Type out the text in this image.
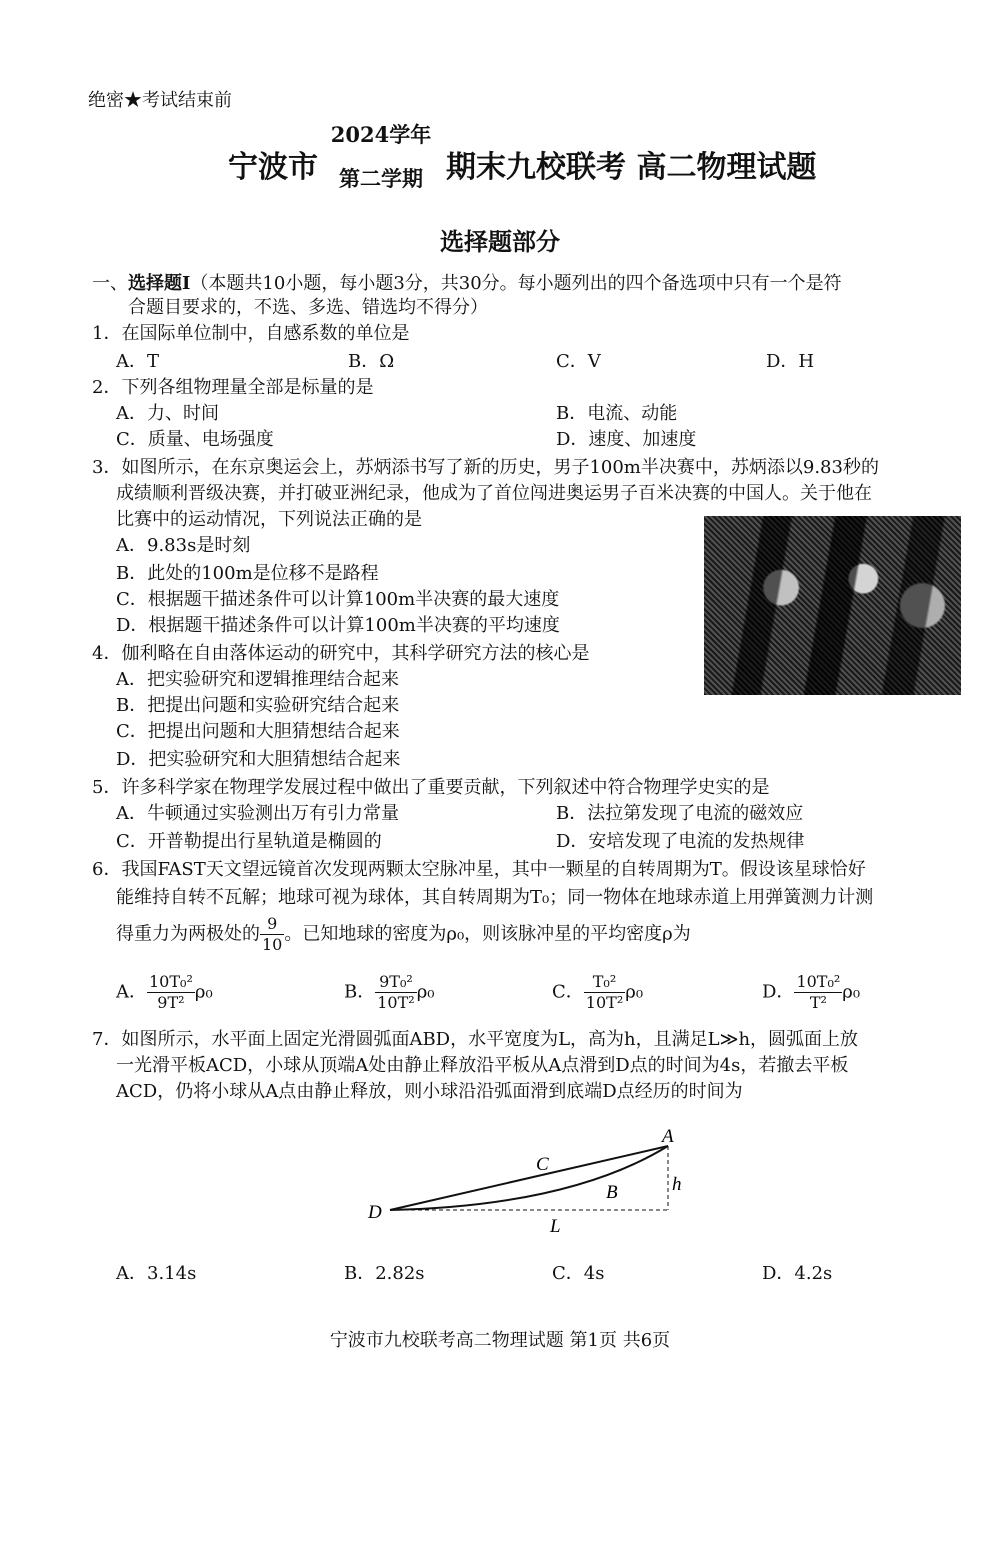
绝密★考试结束前
宁波市
2024学年
第二学期 期末九校联考 高二物理试题
选择题部分
一、选择题Ⅰ（本题共10小题，每小题3分，共30分。每小题列出的四个备选项中只有一个是符
合题目要求的，不选、多选、错选均不得分）
1．在国际单位制中，自感系数的单位是
A．T	B．Ω	C．V	D．H
2．下列各组物理量全部是标量的是
A．力、时间	B．电流、动能
C．质量、电场强度	D．速度、加速度
3．如图所示，在东京奥运会上，苏炳添书写了新的历史，男子100m半决赛中，苏炳添以9.83秒的
成绩顺利晋级决赛，并打破亚洲纪录，他成为了首位闯进奥运男子百米决赛的中国人。关于他在
比赛中的运动情况，下列说法正确的是
A．9.83s是时刻
B．此处的100m是位移不是路程
C．根据题干描述条件可以计算100m半决赛的最大速度
D．根据题干描述条件可以计算100m半决赛的平均速度
4．伽利略在自由落体运动的研究中，其科学研究方法的核心是
A．把实验研究和逻辑推理结合起来
B．把提出问题和实验研究结合起来
C．把提出问题和大胆猜想结合起来
D．把实验研究和大胆猜想结合起来
5．许多科学家在物理学发展过程中做出了重要贡献，下列叙述中符合物理学史实的是
A．牛顿通过实验测出万有引力常量	B．法拉第发现了电流的磁效应
C．开普勒提出行星轨道是椭圆的	D．安培发现了电流的发热规律
6．我国FAST天文望远镜首次发现两颗太空脉冲星，其中一颗星的自转周期为T。假设该星球恰好
能维持自转不瓦解；地球可视为球体，其自转周期为T₀；同一物体在地球赤道上用弹簧测力计测
得重力为两极处的 $\frac{9}{10}$ 。已知地球的密度为ρ₀，则该脉冲星的平均密度ρ为
A． $\frac{\text{10T₀²}}{\text{9T²}} \rho_0$	B． $\frac{\text{9T₀²}}{\text{10T²}} \rho_0$	C． $\frac{\text{T₀²}}{\text{10T²}} \rho_0$	D． $\frac{\text{10T₀²}}{\text{T²}} \rho_0$
7．如图所示，水平面上固定光滑圆弧面ABD，水平宽度为L，高为h，且满足L≫h，圆弧面上放
一光滑平板ACD，小球从顶端A处由静止释放沿平板从A点滑到D点的时间为4s，若撤去平板
ACD，仍将小球从A点由静止释放，则小球沿沿弧面滑到底端D点经历的时间为
A
C
B
D
h
L
A．3.14s	B．2.82s	C．4s	D．4.2s
宁波市九校联考高二物理试题 第1页 共6页
